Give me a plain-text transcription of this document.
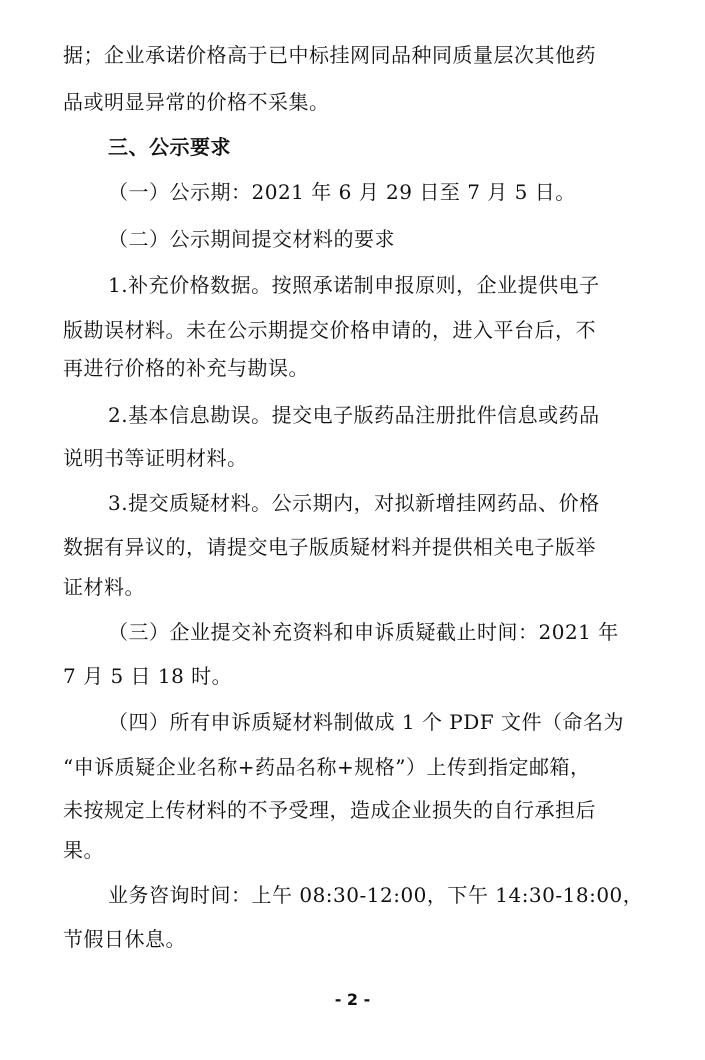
据；企业承诺价格高于已中标挂网同品种同质量层次其他药
品或明显异常的价格不采集。
三、公示要求
（一）公示期：2021 年 6 月 29 日至 7 月 5 日。
（二）公示期间提交材料的要求
1.补充价格数据。按照承诺制申报原则，企业提供电子
版勘误材料。未在公示期提交价格申请的，进入平台后，不
再进行价格的补充与勘误。
2.基本信息勘误。提交电子版药品注册批件信息或药品
说明书等证明材料。
3.提交质疑材料。公示期内，对拟新增挂网药品、价格
数据有异议的，请提交电子版质疑材料并提供相关电子版举
证材料。
（三）企业提交补充资料和申诉质疑截止时间：2021 年
7 月 5 日 18 时。
（四）所有申诉质疑材料制做成 1 个 PDF 文件（命名为
“申诉质疑企业名称+药品名称+规格”）上传到指定邮箱，
未按规定上传材料的不予受理，造成企业损失的自行承担后
果。
业务咨询时间：上午 08:30-12:00，下午 14:30-18:00，
节假日休息。
- 2 -
